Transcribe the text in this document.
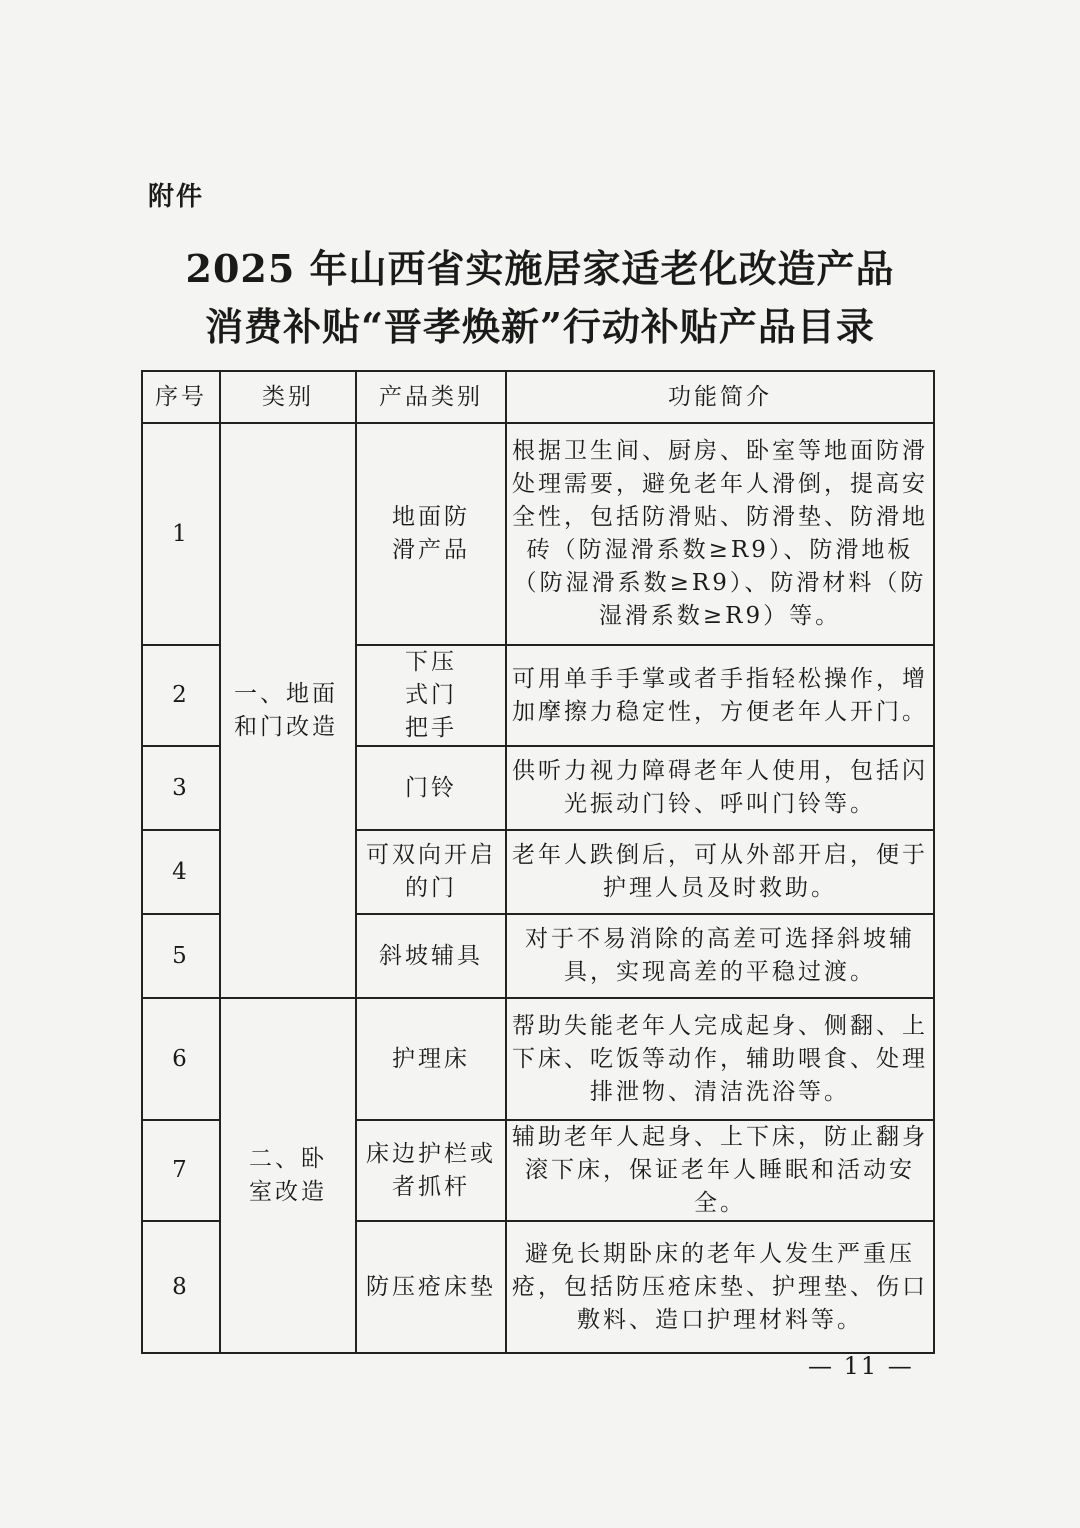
附件
2025 年山西省实施居家适老化改造产品
消费补贴“晋孝焕新”行动补贴产品目录
序号	类别	产品类别	功能简介
1	一、地面和门改造	地面防滑产品	根据卫生间、厨房、卧室等地面防滑处理需要，避免老年人滑倒，提高安全性，包括防滑贴、防滑垫、防滑地砖（防湿滑系数≥R9）、防滑地板（防湿滑系数≥R9）、防滑材料（防湿滑系数≥R9）等。
2		下压式门把手	可用单手手掌或者手指轻松操作，增加摩擦力稳定性，方便老年人开门。
3		门铃	供听力视力障碍老年人使用，包括闪光振动门铃、呼叫门铃等。
4		可双向开启的门	老年人跌倒后，可从外部开启，便于护理人员及时救助。
5		斜坡辅具	对于不易消除的高差可选择斜坡辅具，实现高差的平稳过渡。
6	二、卧室改造	护理床	帮助失能老年人完成起身、侧翻、上下床、吃饭等动作，辅助喂食、处理排泄物、清洁洗浴等。
7		床边护栏或者抓杆	辅助老年人起身、上下床，防止翻身滚下床，保证老年人睡眠和活动安全。
8		防压疮床垫	避免长期卧床的老年人发生严重压疮，包括防压疮床垫、护理垫、伤口敷料、造口护理材料等。
— 11 —
